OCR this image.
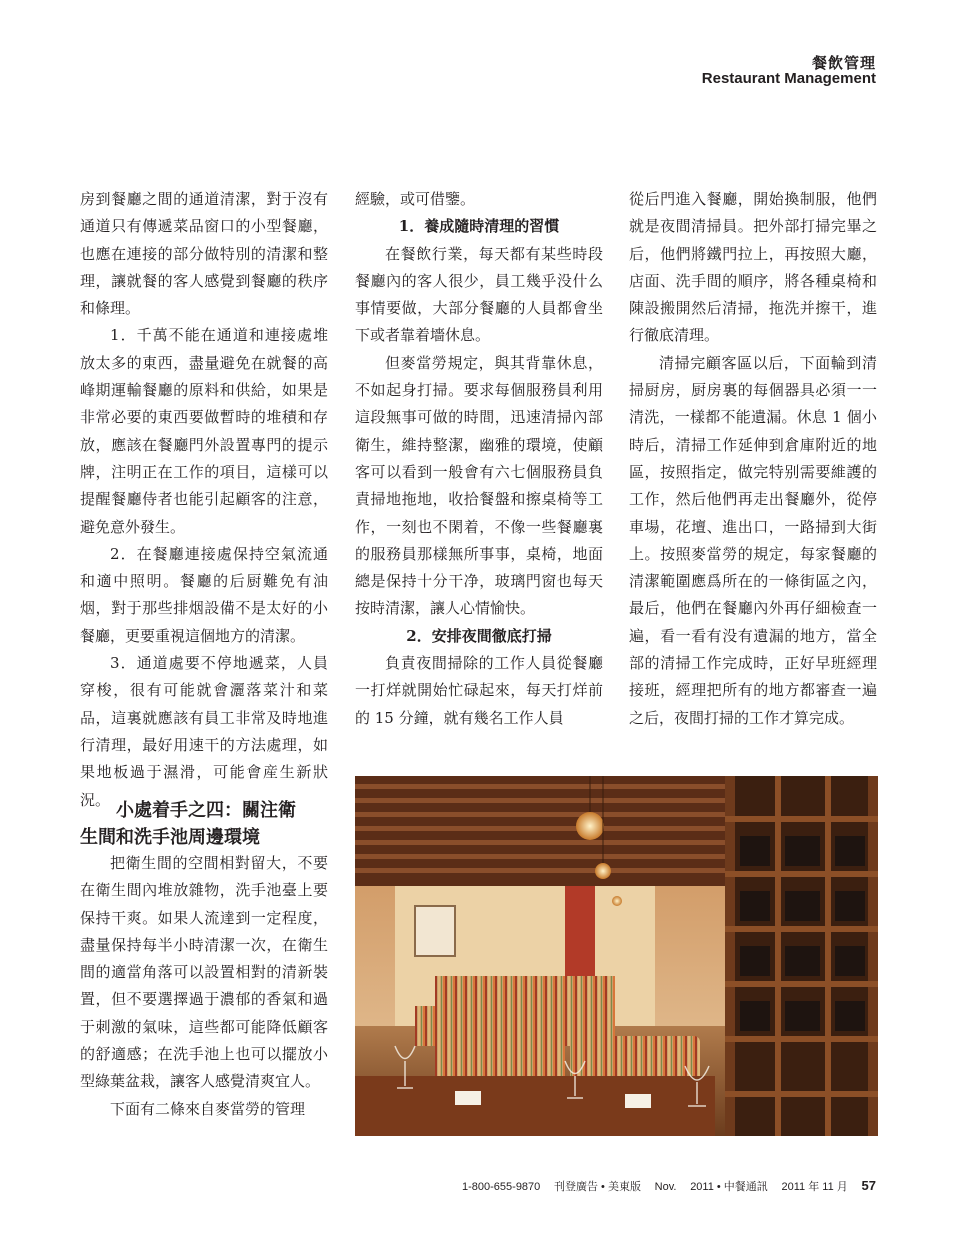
餐飲管理
Restaurant Management

房到餐廳之間的通道清潔，對于沒有通道只有傳遞菜品窗口的小型餐廳，也應在連接的部分做特別的清潔和整理，讓就餐的客人感覺到餐廳的秩序和條理。

1．千萬不能在通道和連接處堆放太多的東西，盡量避免在就餐的高峰期運輸餐廳的原料和供給，如果是非常必要的東西要做暫時的堆積和存放，應該在餐廳門外設置專門的提示牌，注明正在工作的項目，這樣可以提醒餐廳侍者也能引起顧客的注意，避免意外發生。

2．在餐廳連接處保持空氣流通和適中照明。餐廳的后厨難免有油烟，對于那些排烟設備不是太好的小餐廳，更要重視這個地方的清潔。

3．通道處要不停地遞菜，人員穿梭，很有可能就會灑落菜汁和菜品，這裏就應該有員工非常及時地進行清理，最好用速干的方法處理，如果地板過于濕滑，可能會産生新狀況。

小處着手之四：關注衛
生間和洗手池周邊環境

把衛生間的空間相對留大，不要在衛生間內堆放雜物，洗手池臺上要保持干爽。如果人流達到一定程度，盡量保持每半小時清潔一次，在衛生間的適當角落可以設置相對的清新裝置，但不要選擇過于濃郁的香氣和過于刺激的氣味，這些都可能降低顧客的舒適感；在洗手池上也可以擺放小型綠葉盆栽，讓客人感覺清爽宜人。

下面有二條來自麥當勞的管理

經驗，或可借鑒。

1．養成隨時清理的習慣

在餐飲行業，每天都有某些時段餐廳內的客人很少，員工幾乎没什么事情要做，大部分餐廳的人員都會坐下或者靠着墻休息。

但麥當勞規定，與其背靠休息，不如起身打掃。要求每個服務員利用這段無事可做的時間，迅速清掃內部衛生，維持整潔，幽雅的環境，使顧客可以看到一般會有六七個服務員負責掃地拖地，收拾餐盤和擦桌椅等工作，一刻也不閑着，不像一些餐廳裏的服務員那樣無所事事，桌椅，地面總是保持十分干净，玻璃門窗也每天按時清潔，讓人心情愉快。

2．安排夜間徹底打掃

負責夜間掃除的工作人員從餐廳一打烊就開始忙碌起來，每天打烊前的 15 分鐘，就有幾名工作人員

從后門進入餐廳，開始換制服，他們就是夜間清掃員。把外部打掃完畢之后，他們將鐵門拉上，再按照大廳，店面、洗手間的順序，將各種桌椅和陳設搬開然后清掃，拖洗并擦干，進行徹底清理。

清掃完顧客區以后，下面輪到清掃厨房，厨房裏的每個器具必須一一清洗，一樣都不能遺漏。休息 1 個小時后，清掃工作延伸到倉庫附近的地區，按照指定，做完特别需要維護的工作，然后他們再走出餐廳外，從停車場，花壇、進出口，一路掃到大街上。按照麥當勞的規定，每家餐廳的清潔範圍應爲所在的一條街區之內，最后，他們在餐廳內外再仔細檢查一遍，看一看有没有遺漏的地方，當全部的清掃工作完成時，正好早班經理接班，經理把所有的地方都審查一遍之后，夜間打掃的工作才算完成。

1-800-655-9870 刊登廣告 • 美東版 Nov. 2011 • 中餐通訊 2011 年 11 月 57
